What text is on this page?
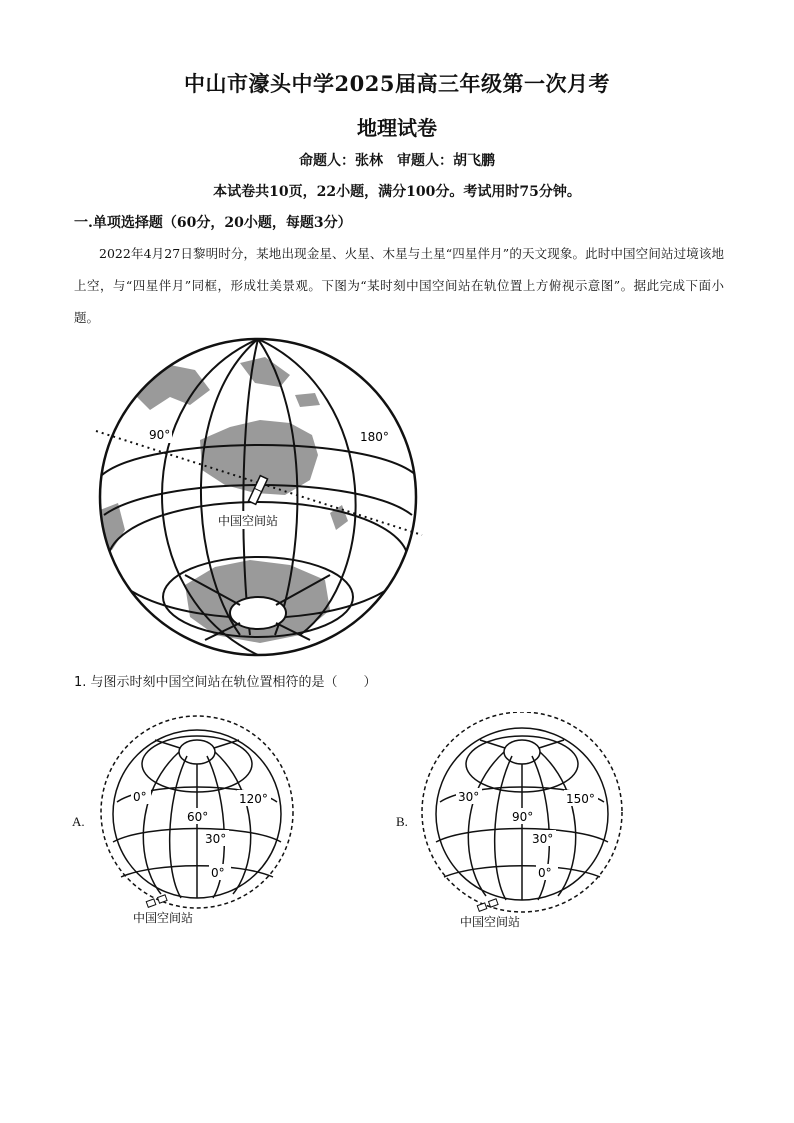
中山市濠头中学2025届高三年级第一次月考
地理试卷
命题人：张林　审题人：胡飞鹏
本试卷共10页，22小题，满分100分。考试用时75分钟。
一.单项选择题（60分，20小题，每题3分）
2022年4月27日黎明时分，某地出现金星、火星、木星与土星“四星伴月”的天文现象。此时中国空间站过境该地上空，与“四星伴月”同框，形成壮美景观。下图为“某时刻中国空间站在轨位置上方俯视示意图”。据此完成下面小题。
90°	180°
中国空间站
1. 与图示时刻中国空间站在轨位置相符的是（　　）
A.
0°
60°
120°
30°
0°
中国空间站
B.
30°
90°
150°
30°
0°
中国空间站
